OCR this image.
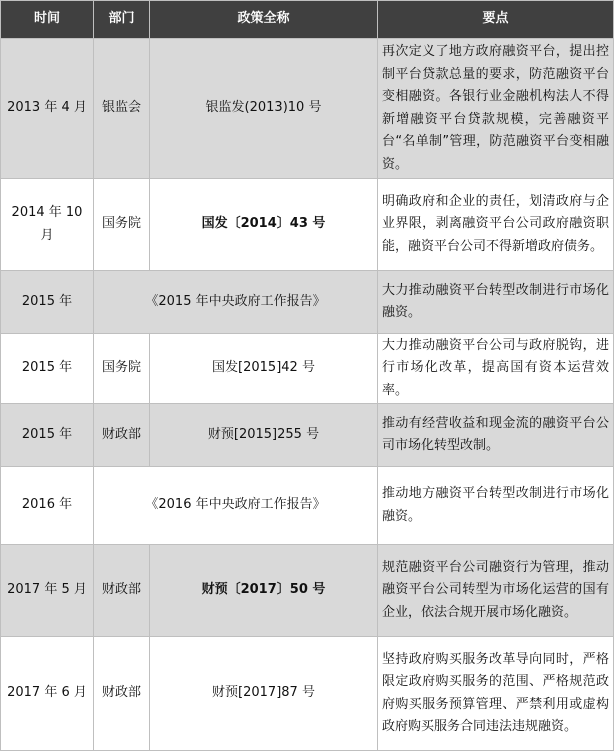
时间	部门	政策全称	要点
2013 年 4 月	银监会	银监发(2013)10 号	再次定义了地方政府融资平台，提出控制平台贷款总量的要求，防范融资平台变相融资。各银行业金融机构法人不得新增融资平台贷款规模，完善融资平台“名单制”管理，防范融资平台变相融资。
2014 年 10 月	国务院	国发〔2014〕43 号	明确政府和企业的责任，划清政府与企业界限，剥离融资平台公司政府融资职能，融资平台公司不得新增政府债务。
2015 年	《2015 年中央政府工作报告》		大力推动融资平台转型改制进行市场化融资。
2015 年	国务院	国发[2015]42 号	大力推动融资平台公司与政府脱钩，进行市场化改革，提高国有资本运营效率。
2015 年	财政部	财预[2015]255 号	推动有经营收益和现金流的融资平台公司市场化转型改制。
2016 年	《2016 年中央政府工作报告》		推动地方融资平台转型改制进行市场化融资。
2017 年 5 月	财政部	财预〔2017〕50 号	规范融资平台公司融资行为管理，推动融资平台公司转型为市场化运营的国有企业，依法合规开展市场化融资。
2017 年 6 月	财政部	财预[2017]87 号	坚持政府购买服务改革导向同时，严格限定政府购买服务的范围、严格规范政府购买服务预算管理、严禁利用或虚构政府购买服务合同违法违规融资。
